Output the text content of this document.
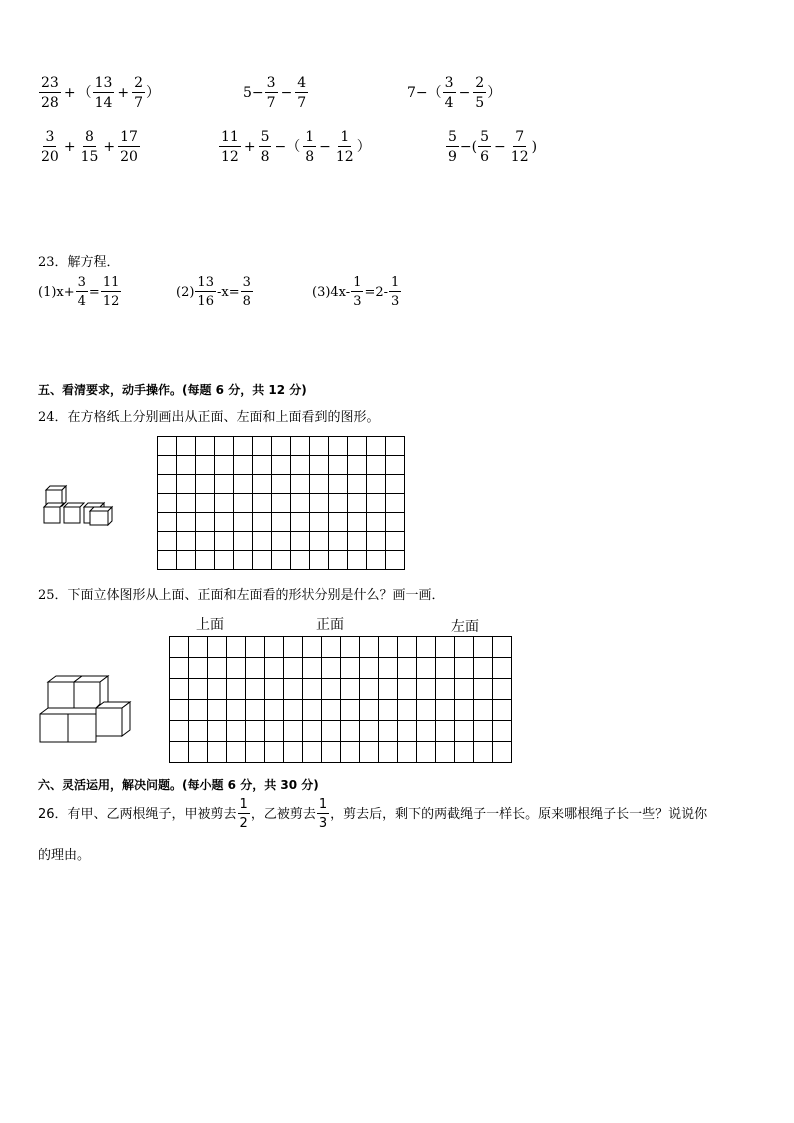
$\frac{23}{28}$ + （ $\frac{13}{14} + \frac{2}{7}$ ）	$5- \frac{3}{7} - \frac{4}{7}$	$7-( \frac{3}{4} - \frac{2}{5}$ ）
$\frac{3}{20} + \frac{8}{15} + \frac{17}{20}$	$\frac{11}{12} + \frac{5}{8}$ −（ $\frac{1}{8} - \frac{1}{12}$ ）	$\frac{5}{9}$ −( $\frac{5}{6} - \frac{7}{12}$ )
23．解方程．
$(1)x+ \frac{3}{4} = \frac{11}{12}$	$(2) \frac{13}{16} -x= \frac{3}{8}$	$(3)4x- \frac{1}{3} =2- \frac{1}{3}$
五、看清要求，动手操作。(每题 6 分，共 12 分)
24．在方格纸上分别画出从正面、左面和上面看到的图形。
25．下面立体图形从上面、正面和左面看的形状分别是什么？画一画．
上面	正面	左面
六、灵活运用，解决问题。(每小题 6 分，共 30 分)
26．有甲、乙两根绳子，甲被剪去 $\frac{1}{2}$ ，乙被剪去 $\frac{1}{3}$ ，剪去后，剩下的两截绳子一样长。原来哪根绳子长一些？说说你
的理由。
